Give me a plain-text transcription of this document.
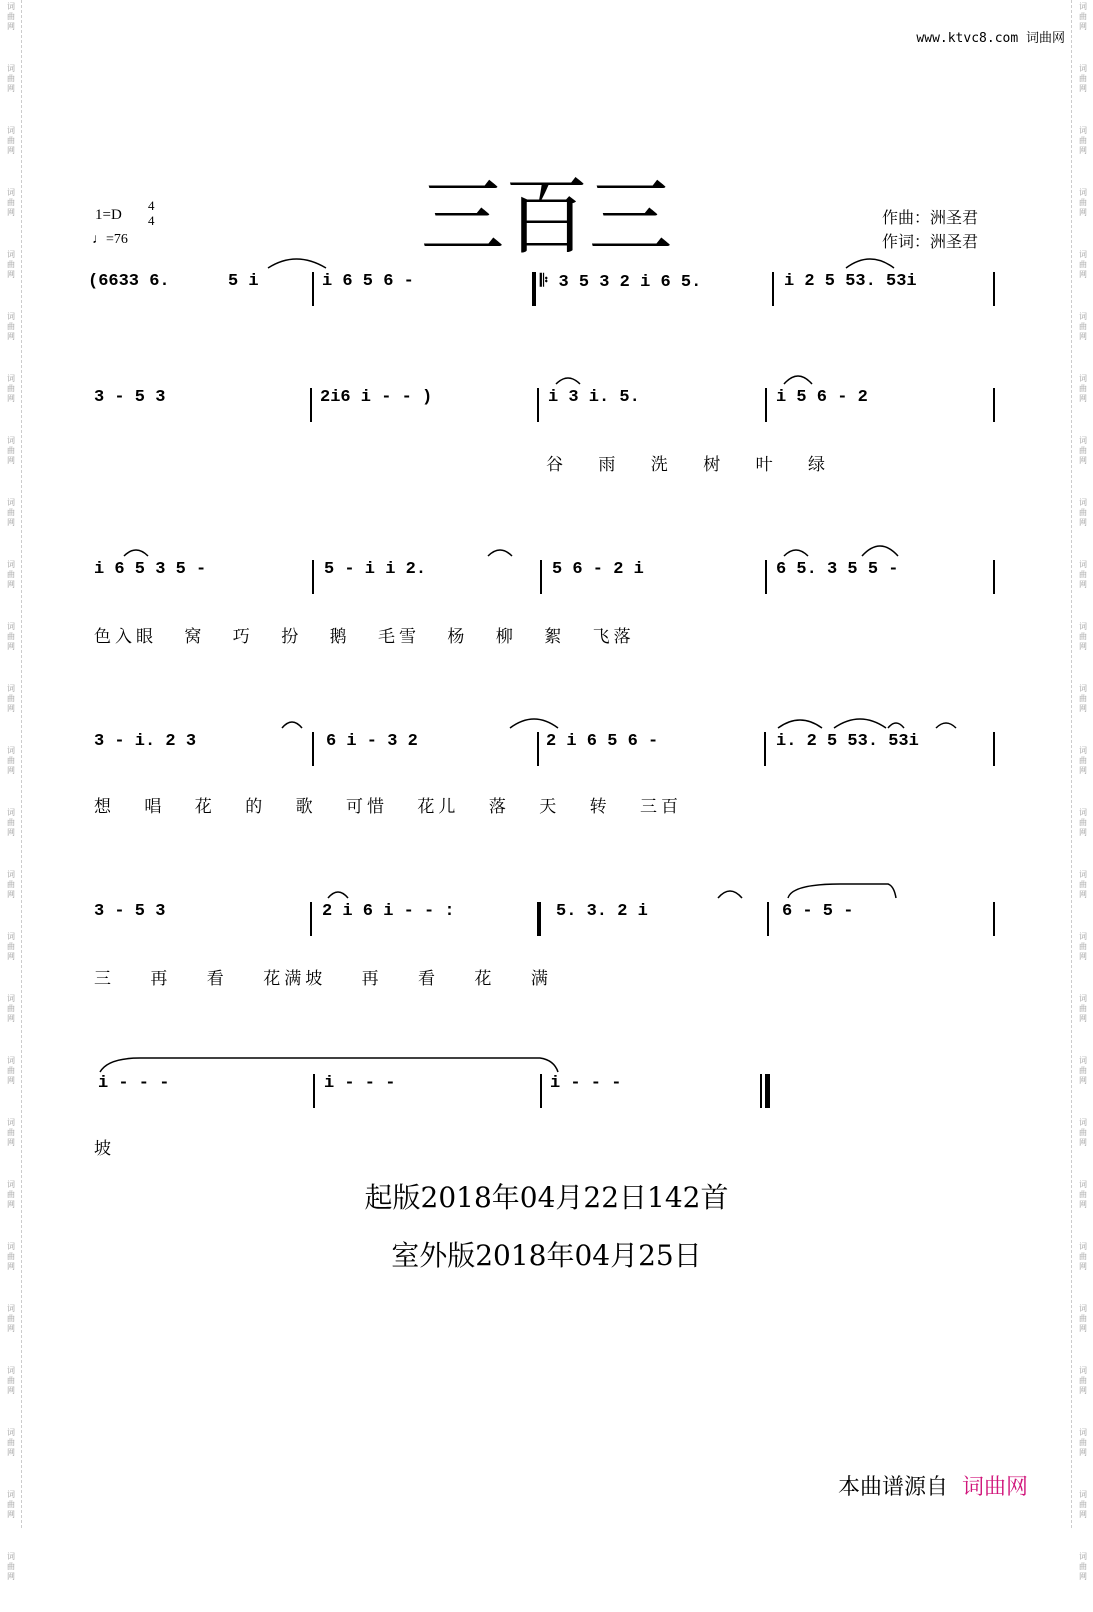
词
曲
网
词
曲
网
词
曲
网
词
曲
网
词
曲
网
词
曲
网
词
曲
网
词
曲
网
词
曲
网
词
曲
网
词
曲
网
词
曲
网
词
曲
网
词
曲
网
词
曲
网
词
曲
网
词
曲
网
词
曲
网
词
曲
网
词
曲
网
词
曲
网
词
曲
网
词
曲
网
词
曲
网
词
曲
网
词
曲
网
词
曲
网
词
曲
网
词
曲
网
词
曲
网
词
曲
网
词
曲
网
词
曲
网
词
曲
网
词
曲
网
词
曲
网
词
曲
网
词
曲
网
词
曲
网
词
曲
网
词
曲
网
词
曲
网
词
曲
网
词
曲
网
词
曲
网
词
曲
网
词
曲
网
词
曲
网
词
曲
网
词
曲
网
词
曲
网
词
曲
网
www.ktvc8.com 词曲网
三百三
1=D
4
4
♩=76
作曲：洲圣君
作词：洲圣君
(6633 6.	5 i	i 6 5 6 -	𝄆 3 5 3 2 i 6 5.	i 2 5 53. 53i
3 - 5 3	2i6 i - - )	i 3 i. 5.	i 5 6 - 2
谷 雨 洗 树 叶 绿
i 6 5 3 5 -	5 - i i 2.	5 6 - 2 i	6 5. 3 5 5 -
色入眼 窝 巧 扮 鹅 毛雪 杨 柳 絮 飞落
3 - i. 2 3	6 i - 3 2	2 i 6 5 6 -	i. 2 5 53. 53i
想 唱 花 的 歌 可惜 花儿 落 天 转 三百
3 - 5 3	2 i 6 i - - :	5. 3. 2 i	6 - 5 -
三 再 看 花满坡 再 看 花 满
i - - -	i - - -	i - - -
坡
起版2018年04月22日142首
室外版2018年04月25日
本曲谱源自 词曲网
